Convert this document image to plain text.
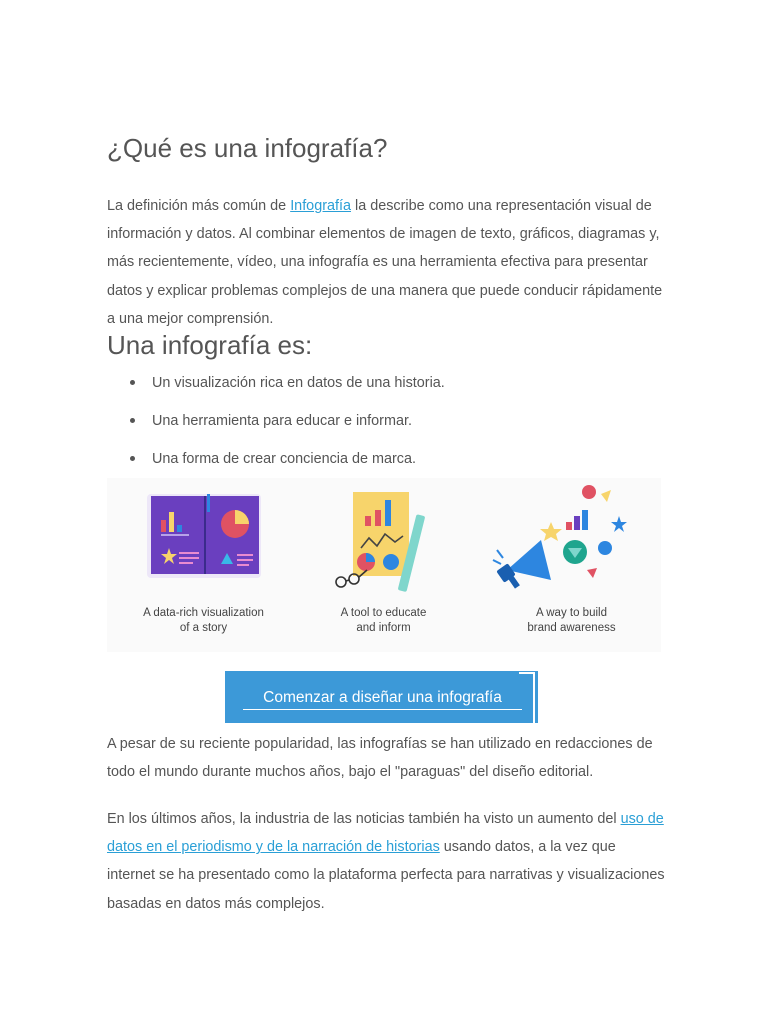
¿Qué es una infografía?

La definición más común de Infografía la describe como una representación visual de información y datos. Al combinar elementos de imagen de texto, gráficos, diagramas y, más recientemente, vídeo, una infografía es una herramienta efectiva para presentar datos y explicar problemas complejos de una manera que puede conducir rápidamente a una mejor comprensión.

Una infografía es:
Un visualización rica en datos de una historia.
Una herramienta para educar e informar.
Una forma de crear conciencia de marca.
A data-rich visualization
of a story
A tool to educate
and inform
A way to build
brand awareness
Comenzar a diseñar una infografía

A pesar de su reciente popularidad, las infografías se han utilizado en redacciones de todo el mundo durante muchos años, bajo el "paraguas" del diseño editorial.

En los últimos años, la industria de las noticias también ha visto un aumento del uso de datos en el periodismo y de la narración de historias usando datos, a la vez que internet se ha presentado como la plataforma perfecta para narrativas y visualizaciones basadas en datos más complejos.
